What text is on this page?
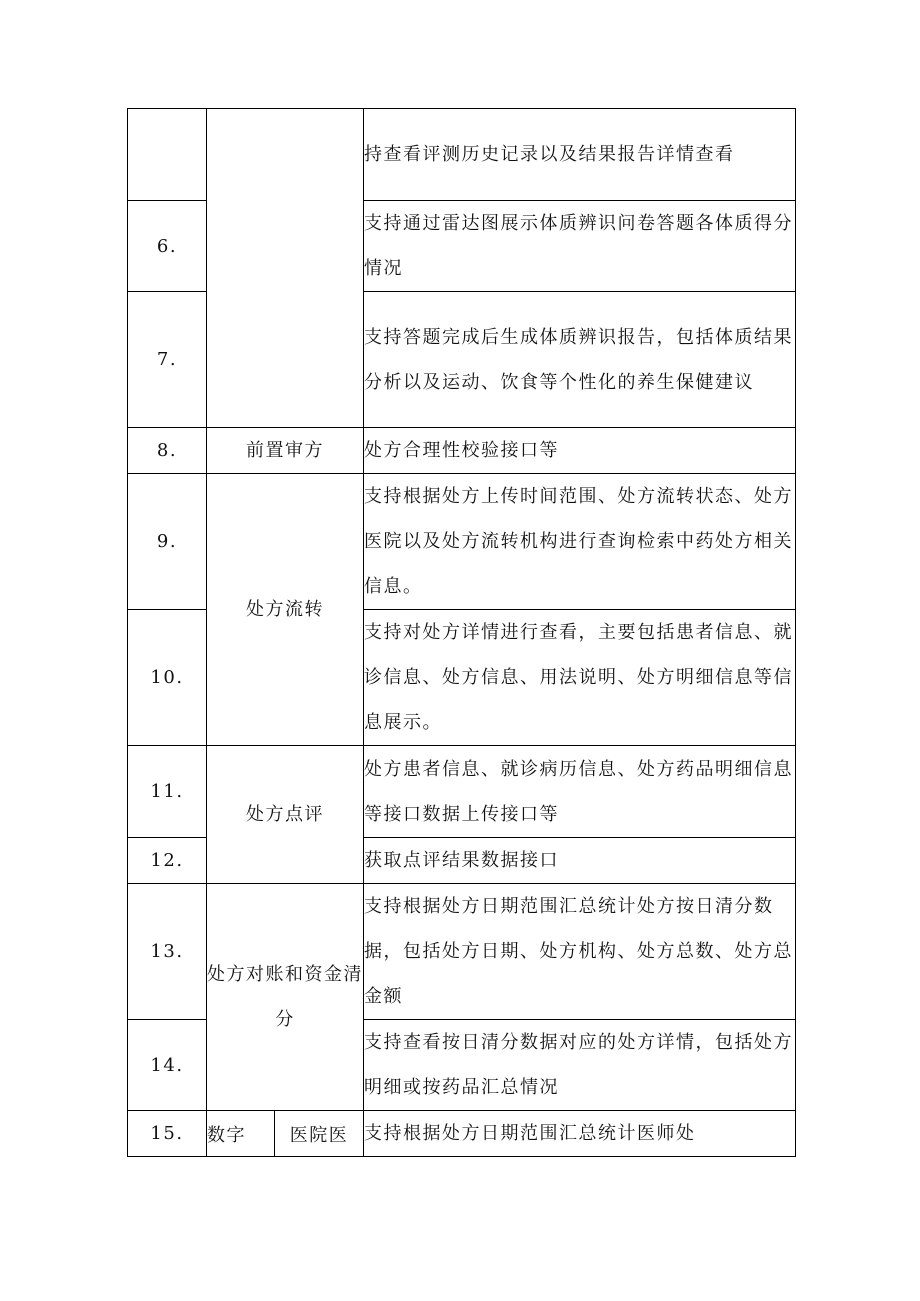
			持查看评测历史记录以及结果报告详情查看

6.			支持通过雷达图展示体质辨识问卷答题各体质得分情况

7.			支持答题完成后生成体质辨识报告，包括体质结果分析以及运动、饮食等个性化的养生保健建议

8.	前置审方		处方合理性校验接口等

9.	处方流转		支持根据处方上传时间范围、处方流转状态、处方医院以及处方流转机构进行查询检索中药处方相关信息。

10.			支持对处方详情进行查看，主要包括患者信息、就诊信息、处方信息、用法说明、处方明细信息等信息展示。

11.	处方点评		处方患者信息、就诊病历信息、处方药品明细信息等接口数据上传接口等

12.			获取点评结果数据接口

13.	处方对账和资金清分		支持根据处方日期范围汇总统计处方按日清分数据，包括处方日期、处方机构、处方总数、处方总金额

14.			支持查看按日清分数据对应的处方详情，包括处方明细或按药品汇总情况

15.	数字	医院医	支持根据处方日期范围汇总统计医师处
